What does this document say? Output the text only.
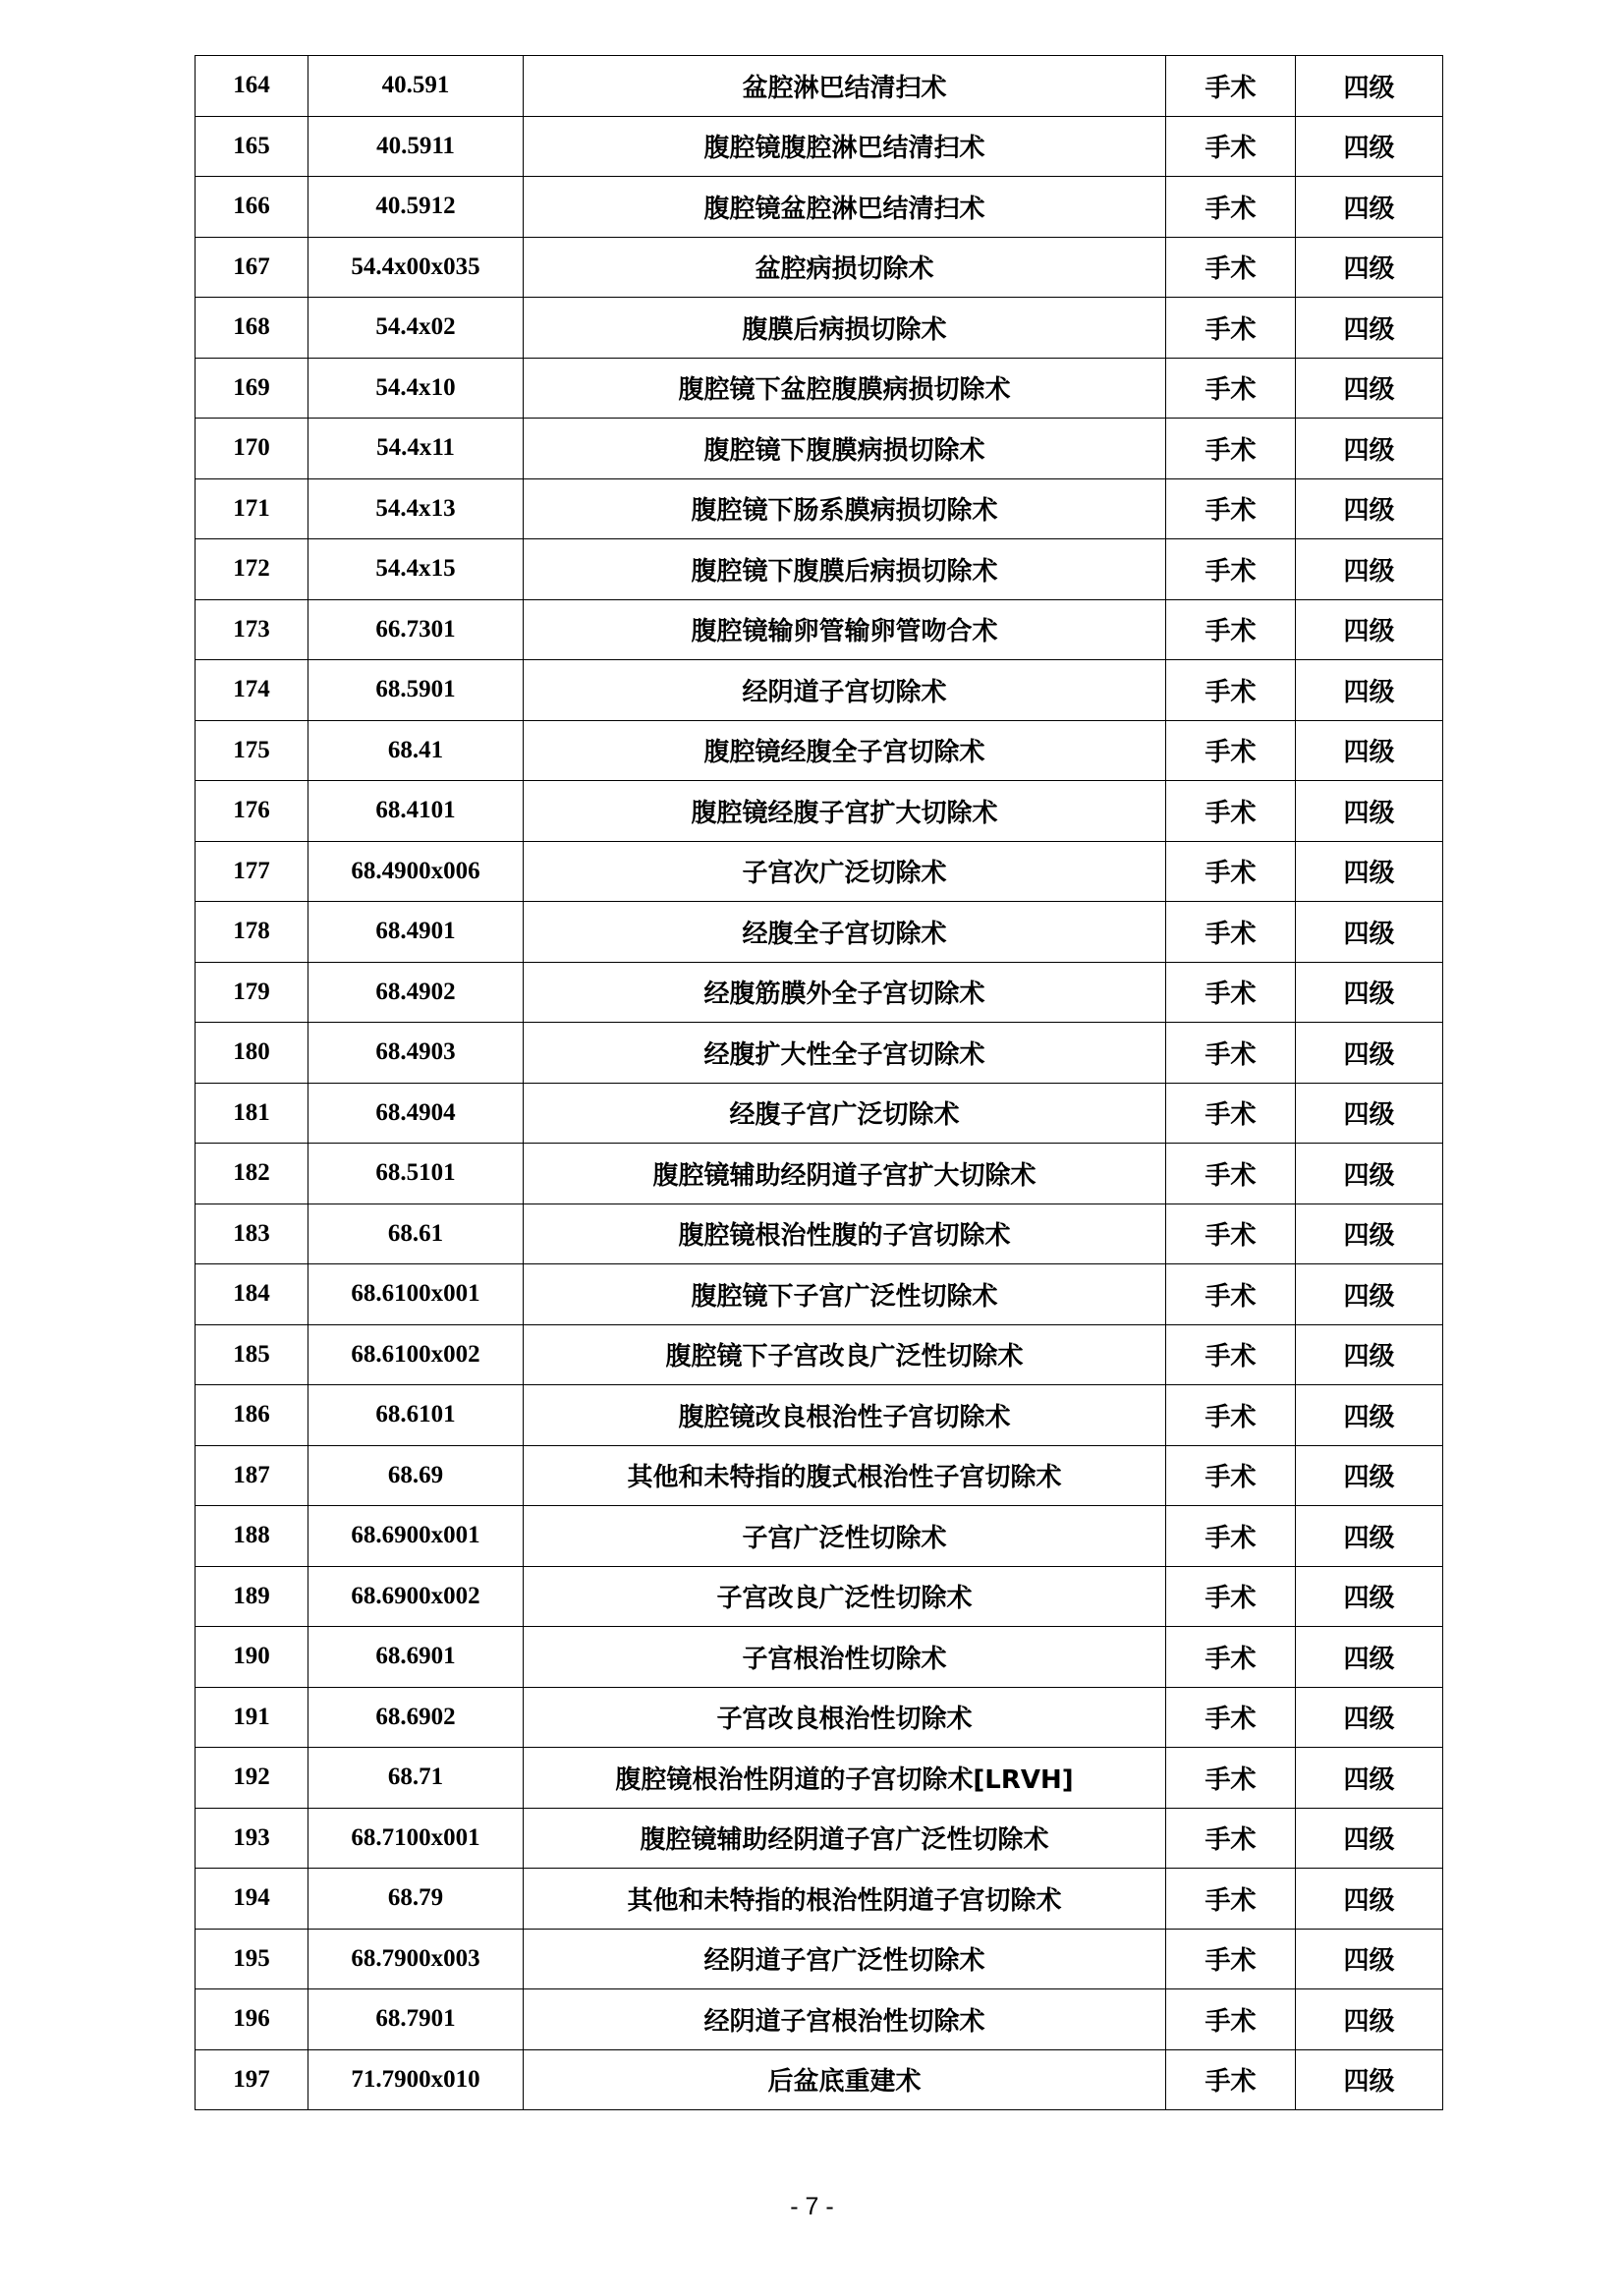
164	40.591	盆腔淋巴结清扫术	手术	四级
165	40.5911	腹腔镜腹腔淋巴结清扫术	手术	四级
166	40.5912	腹腔镜盆腔淋巴结清扫术	手术	四级
167	54.4x00x035	盆腔病损切除术	手术	四级
168	54.4x02	腹膜后病损切除术	手术	四级
169	54.4x10	腹腔镜下盆腔腹膜病损切除术	手术	四级
170	54.4x11	腹腔镜下腹膜病损切除术	手术	四级
171	54.4x13	腹腔镜下肠系膜病损切除术	手术	四级
172	54.4x15	腹腔镜下腹膜后病损切除术	手术	四级
173	66.7301	腹腔镜输卵管输卵管吻合术	手术	四级
174	68.5901	经阴道子宫切除术	手术	四级
175	68.41	腹腔镜经腹全子宫切除术	手术	四级
176	68.4101	腹腔镜经腹子宫扩大切除术	手术	四级
177	68.4900x006	子宫次广泛切除术	手术	四级
178	68.4901	经腹全子宫切除术	手术	四级
179	68.4902	经腹筋膜外全子宫切除术	手术	四级
180	68.4903	经腹扩大性全子宫切除术	手术	四级
181	68.4904	经腹子宫广泛切除术	手术	四级
182	68.5101	腹腔镜辅助经阴道子宫扩大切除术	手术	四级
183	68.61	腹腔镜根治性腹的子宫切除术	手术	四级
184	68.6100x001	腹腔镜下子宫广泛性切除术	手术	四级
185	68.6100x002	腹腔镜下子宫改良广泛性切除术	手术	四级
186	68.6101	腹腔镜改良根治性子宫切除术	手术	四级
187	68.69	其他和未特指的腹式根治性子宫切除术	手术	四级
188	68.6900x001	子宫广泛性切除术	手术	四级
189	68.6900x002	子宫改良广泛性切除术	手术	四级
190	68.6901	子宫根治性切除术	手术	四级
191	68.6902	子宫改良根治性切除术	手术	四级
192	68.71	腹腔镜根治性阴道的子宫切除术[LRVH]	手术	四级
193	68.7100x001	腹腔镜辅助经阴道子宫广泛性切除术	手术	四级
194	68.79	其他和未特指的根治性阴道子宫切除术	手术	四级
195	68.7900x003	经阴道子宫广泛性切除术	手术	四级
196	68.7901	经阴道子宫根治性切除术	手术	四级
197	71.7900x010	后盆底重建术	手术	四级
- 7 -
